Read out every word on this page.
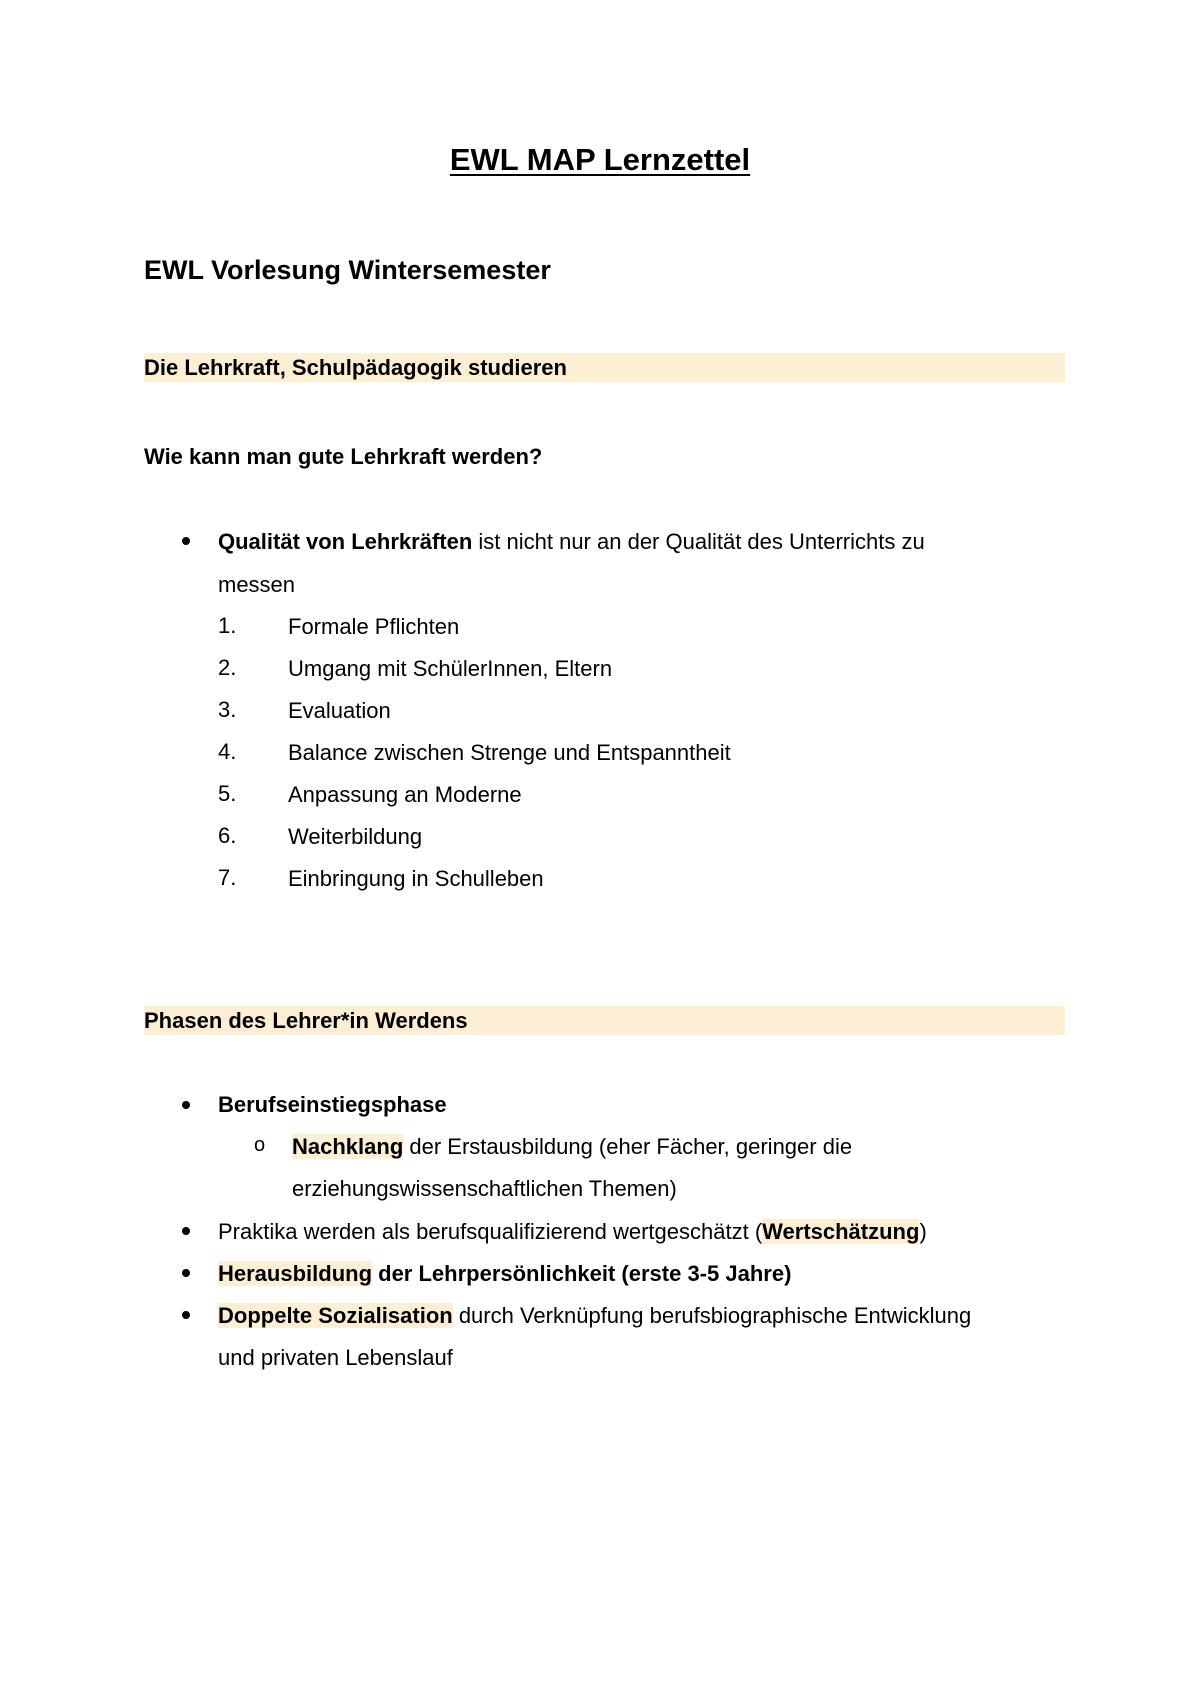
EWL MAP Lernzettel
EWL Vorlesung Wintersemester
Die Lehrkraft, Schulpädagogik studieren
Wie kann man gute Lehrkraft werden?
Qualität von Lehrkräften ist nicht nur an der Qualität des Unterrichts zu
messen
1. Formale Pflichten
2. Umgang mit SchülerInnen, Eltern
3. Evaluation
4. Balance zwischen Strenge und Entspanntheit
5. Anpassung an Moderne
6. Weiterbildung
7. Einbringung in Schulleben
Phasen des Lehrer*in Werdens
Berufseinstiegsphase
o Nachklang der Erstausbildung (eher Fächer, geringer die
erziehungswissenschaftlichen Themen)
Praktika werden als berufsqualifizierend wertgeschätzt (Wertschätzung)
Herausbildung der Lehrpersönlichkeit (erste 3-5 Jahre)
Doppelte Sozialisation durch Verknüpfung berufsbiographische Entwicklung
und privaten Lebenslauf
